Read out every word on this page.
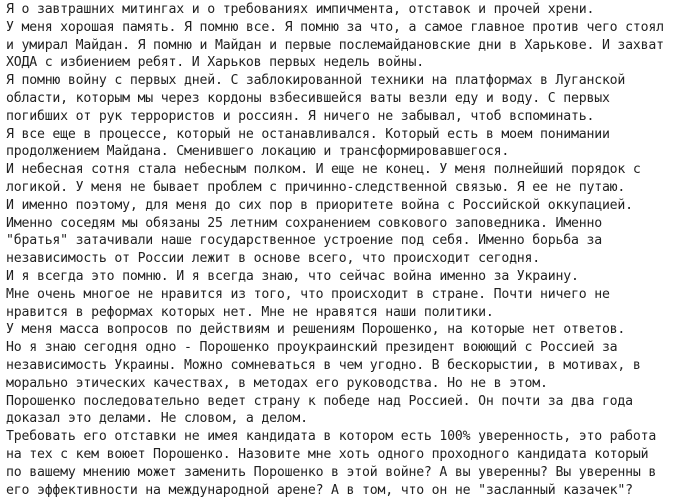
Я о завтрашних митингах и о требованиях импичмента, отставок и прочей хрени.
У меня хорошая память. Я помню все. Я помню за что, а самое главное против чего стоял
и умирал Майдан. Я помню и Майдан и первые послемайдановские дни в Харькове. И захват
ХОДА с избиением ребят. И Харьков первых недель войны.
Я помню войну с первых дней. С заблокированной техники на платформах в Луганской
области, которым мы через кордоны взбесившейся ваты везли еду и воду. С первых
погибших от рук террористов и россиян. Я ничего не забывал, чтоб вспоминать.
Я все еще в процессе, который не останавливался. Который есть в моем понимании
продолжением Майдана. Сменившего локацию и трансформировавшегося.
И небесная сотня стала небесным полком. И еще не конец. У меня полнейший порядок с
логикой. У меня не бывает проблем с причинно-следственной связью. Я ее не путаю.
И именно поэтому, для меня до сих пор в приоритете война с Российской оккупацией.
Именно соседям мы обязаны 25 летним сохранением совкового заповедника. Именно
"братья" затачивали наше государственное устроение под себя. Именно борьба за
независимость от России лежит в основе всего, что происходит сегодня.
И я всегда это помню. И я всегда знаю, что сейчас война именно за Украину.
Мне очень многое не нравится из того, что происходит в стране. Почти ничего не
нравится в реформах которых нет. Мне не нравятся наши политики.
У меня масса вопросов по действиям и решениям Порошенко, на которые нет ответов.
Но я знаю сегодня одно - Порошенко проукраинский президент воюющий с Россией за
независимость Украины. Можно сомневаться в чем угодно. В бескорыстии, в мотивах, в
морально этических качествах, в методах его руководства. Но не в этом.
Порошенко последовательно ведет страну к победе над Россией. Он почти за два года
доказал это делами. Не словом, а делом.
Требовать его отставки не имея кандидата в котором есть 100% уверенность, это работа
на тех с кем воюет Порошенко. Назовите мне хоть одного проходного кандидата который
по вашему мнению может заменить Порошенко в этой войне? А вы уверенны? Вы уверенны в
его эффективности на международной арене? А в том, что он не "засланный казачек"?
